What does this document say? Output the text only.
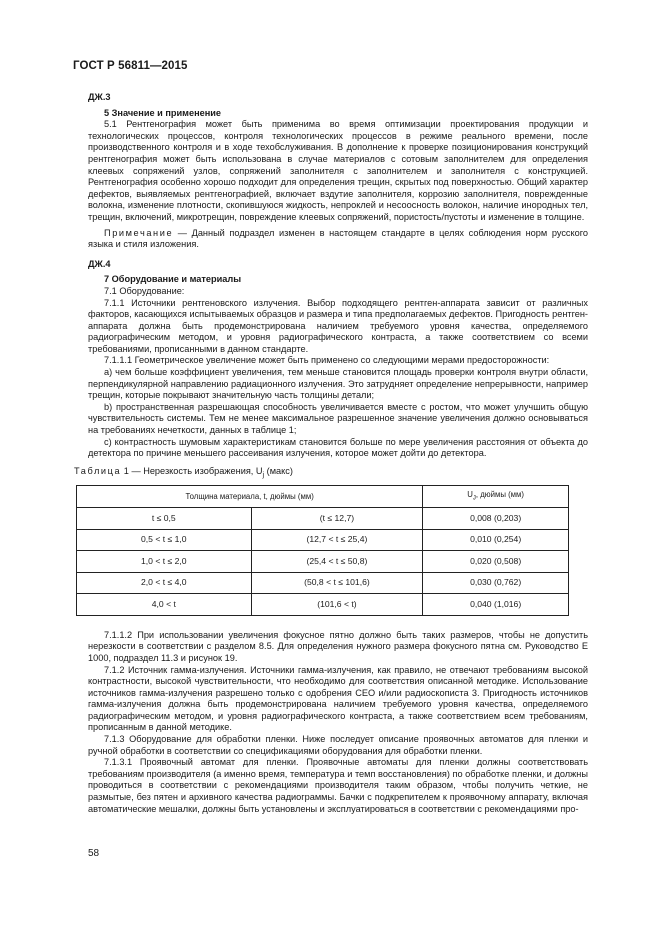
ГОСТ Р 56811—2015

ДЖ.3

5 Значение и применение

5.1 Рентгенография может быть применима во время оптимизации проектирования продукции и технологических процессов, контроля технологических процессов в режиме реального времени, после производственного контроля и в ходе техобслуживания. В дополнение к проверке позиционирования конструкций рентгенография может быть использована в случае материалов с сотовым заполнителем для определения клеевых сопряжений узлов, сопряжений заполнителя с заполнителем и заполнителя с конструкцией. Рентгенография особенно хорошо подходит для определения трещин, скрытых под поверхностью. Общий характер дефектов, выявляемых рентгенографией, включает вздутие заполнителя, коррозию заполнителя, поврежденные волокна, изменение плотности, скопившуюся жидкость, непроклей и несоосность волокон, наличие инородных тел, трещин, включений, микротрещин, повреждение клеевых сопряжений, пористость/пустоты и изменение в толщине.

Примечание — Данный подраздел изменен в настоящем стандарте в целях соблюдения норм русского языка и стиля изложения.

ДЖ.4

7 Оборудование и материалы

7.1 Оборудование:

7.1.1 Источники рентгеновского излучения. Выбор подходящего рентген-аппарата зависит от различных факторов, касающихся испытываемых образцов и размера и типа предполагаемых дефектов. Пригодность рентген-аппарата должна быть продемонстрирована наличием требуемого уровня качества, определяемого радиографическим методом, и уровня радиографического контраста, а также соответствием со всеми требованиями, прописанными в данном стандарте.

7.1.1.1 Геометрическое увеличение может быть применено со следующими мерами предосторожности:

а) чем больше коэффициент увеличения, тем меньше становится площадь проверки контроля внутри области, перпендикулярной направлению радиационного излучения. Это затрудняет определение непрерывности, например трещин, которые покрывают значительную часть толщины детали;

b) пространственная разрешающая способность увеличивается вместе с ростом, что может улучшить общую чувствительность системы. Тем не менее максимальное разрешенное значение увеличения должно основываться на требованиях нечеткости, данных в таблице 1;

с) контрастность шумовым характеристикам становится больше по мере увеличения расстояния от объекта до детектора по причине меньшего рассеивания излучения, которое может дойти до детектора.

Таблица 1 — Нерезкость изображения, $U_j$ (макс)
Толщина материала, t, дюймы (мм)		$U_J$, дюймы (мм)
t ≤ 0,5	(t ≤ 12,7)	0,008 (0,203)
0,5 < t ≤ 1,0	(12,7 < t ≤ 25,4)	0,010 (0,254)
1,0 < t ≤ 2,0	(25,4 < t ≤ 50,8)	0,020 (0,508)
2,0 < t ≤ 4,0	(50,8 < t ≤ 101,6)	0,030 (0,762)
4,0 < t	(101,6 < t)	0,040 (1,016)

7.1.1.2 При использовании увеличения фокусное пятно должно быть таких размеров, чтобы не допустить нерезкости в соответствии с разделом 8.5. Для определения нужного размера фокусного пятна см. Руководство Е 1000, подраздел 11.3 и рисунок 19.

7.1.2 Источник гамма-излучения. Источники гамма-излучения, как правило, не отвечают требованиям высокой контрастности, высокой чувствительности, что необходимо для соответствия описанной методике. Использование источников гамма-излучения разрешено только с одобрения СЕО и/или радиоскописта 3. Пригодность источников гамма-излучения должна быть продемонстрирована наличием требуемого уровня качества, определяемого радиографическим методом, и уровня радиографического контраста, а также соответствием всем требованиям, прописанным в данной методике.

7.1.3 Оборудование для обработки пленки. Ниже последует описание проявочных автоматов для пленки и ручной обработки в соответствии со спецификациями оборудования для обработки пленки.

7.1.3.1 Проявочный автомат для пленки. Проявочные автоматы для пленки должны соответствовать требованиям производителя (а именно время, температура и темп восстановления) по обработке пленки, и должны проводиться в соответствии с рекомендациями производителя таким образом, чтобы получить четкие, не размытые, без пятен и архивного качества радиограммы. Бачки с подкрепителем к проявочному аппарату, включая автоматические мешалки, должны быть установлены и эксплуатироваться в соответствии с рекомендациями про-

58
